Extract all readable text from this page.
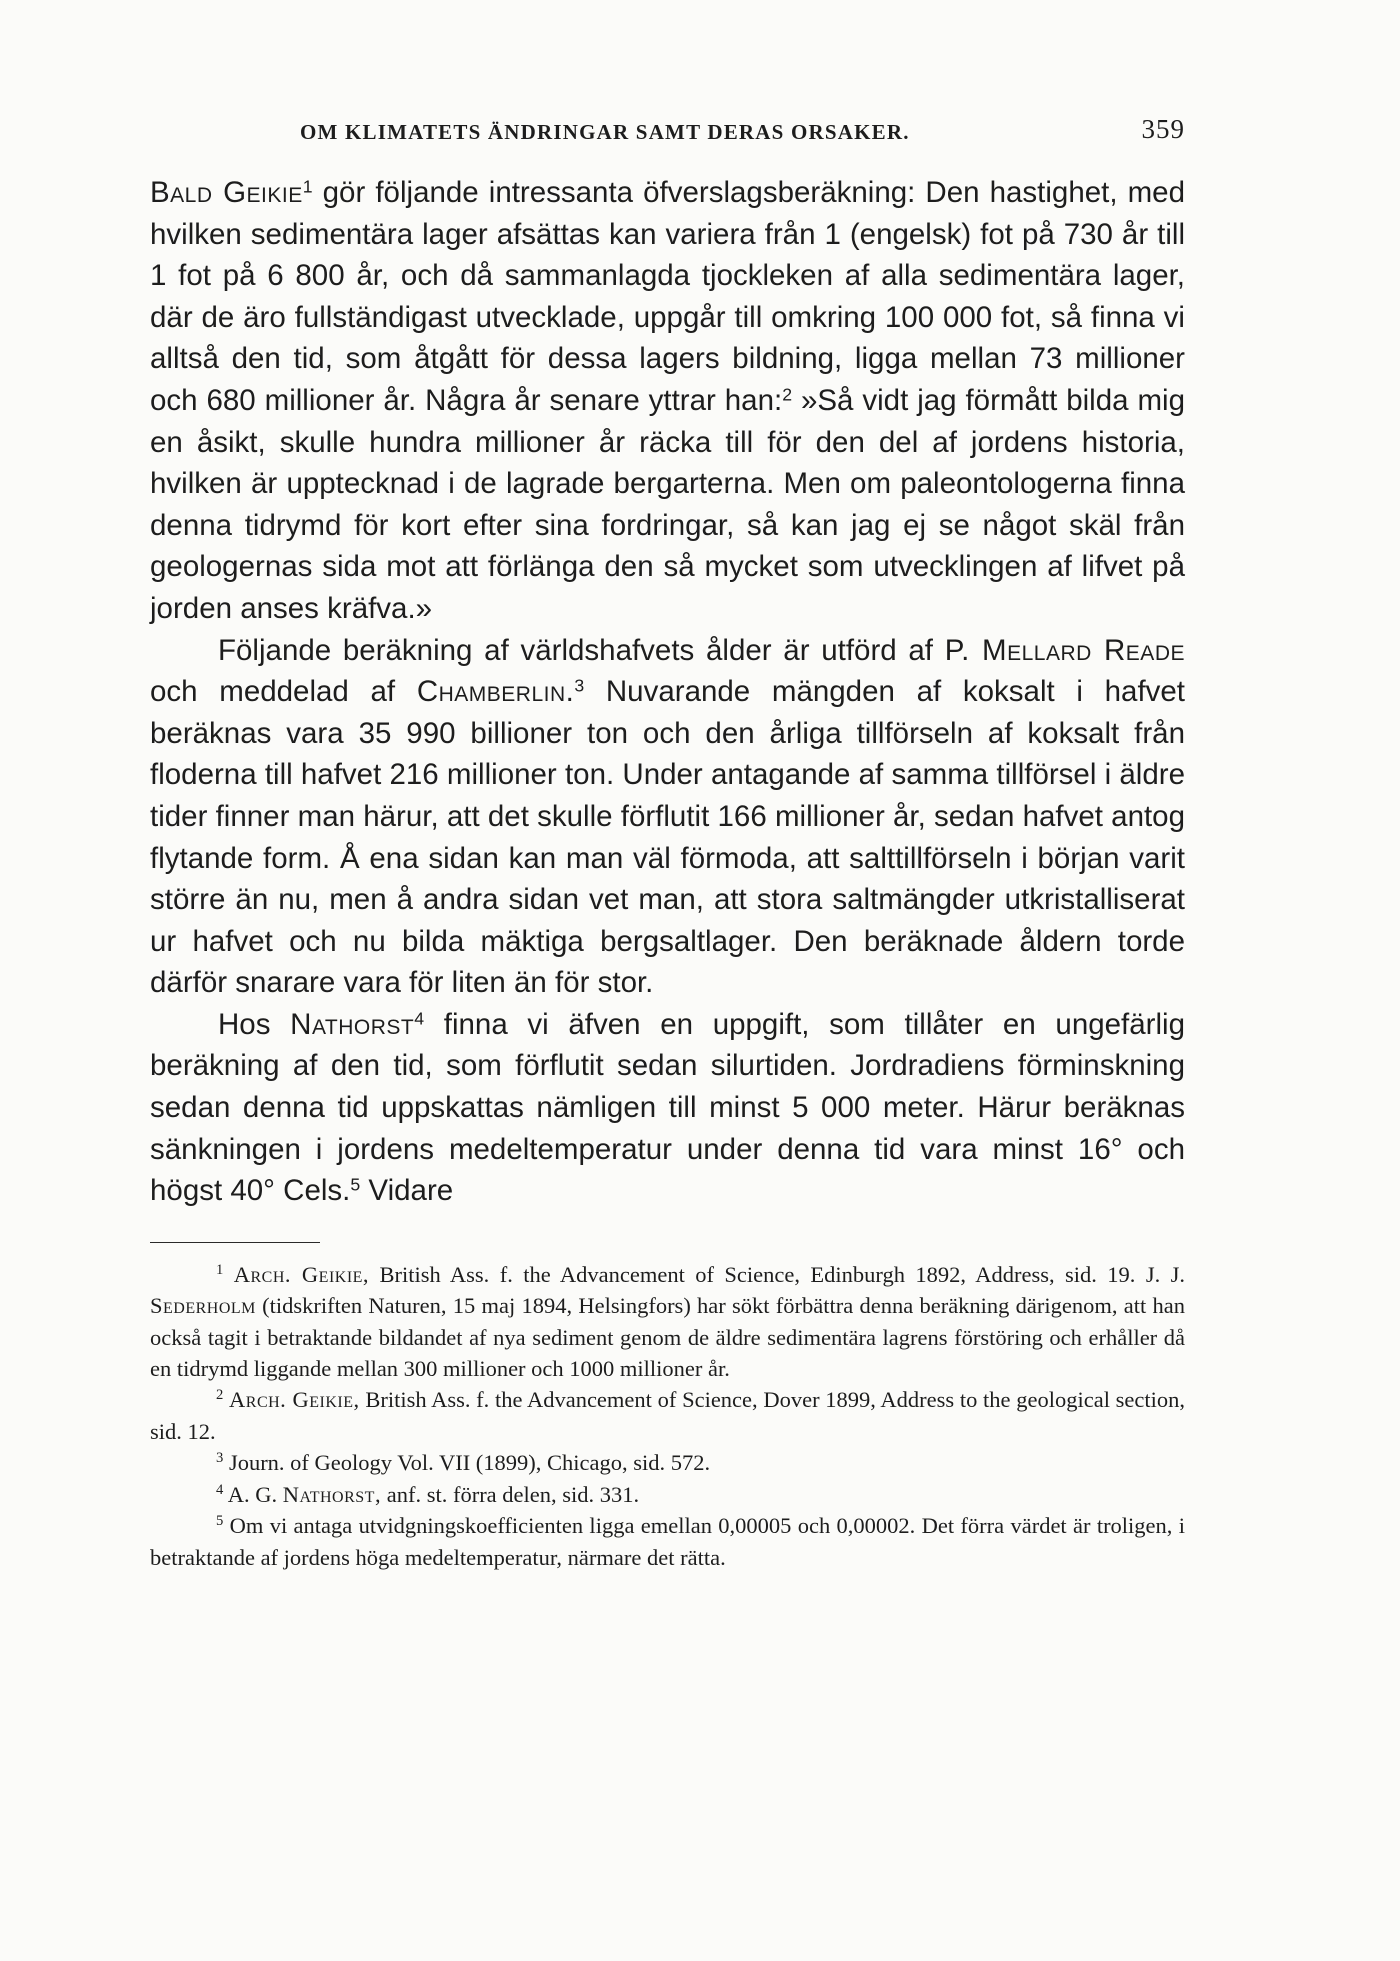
OM KLIMATETS ÄNDRINGAR SAMT DERAS ORSAKER.	359

Bald Geikie$^1$ gör följande intressanta öfverslagsberäkning: Den hastighet, med hvilken sedimentära lager afsättas kan variera från 1 (engelsk) fot på 730 år till 1 fot på 6 800 år, och då sammanlagda tjockleken af alla sedimentära lager, där de äro fullständigast utvecklade, uppgår till omkring 100 000 fot, så finna vi alltså den tid, som åtgått för dessa lagers bildning, ligga mellan 73 millioner och 680 millioner år. Några år senare yttrar han:$^2$ »Så vidt jag förmått bilda mig en åsikt, skulle hundra millioner år räcka till för den del af jordens historia, hvilken är upptecknad i de lagrade bergarterna. Men om paleontologerna finna denna tidrymd för kort efter sina fordringar, så kan jag ej se något skäl från geologernas sida mot att förlänga den så mycket som utvecklingen af lifvet på jorden anses kräfva.»

Följande beräkning af världshafvets ålder är utförd af P. Mellard Reade och meddelad af Chamberlin.$^3$ Nuvarande mängden af koksalt i hafvet beräknas vara 35 990 billioner ton och den årliga tillförseln af koksalt från floderna till hafvet 216 millioner ton. Under antagande af samma tillförsel i äldre tider finner man härur, att det skulle förflutit 166 millioner år, sedan hafvet antog flytande form. Å ena sidan kan man väl förmoda, att salttillförseln i början varit större än nu, men å andra sidan vet man, att stora saltmängder utkristalliserat ur hafvet och nu bilda mäktiga bergsaltlager. Den beräknade åldern torde därför snarare vara för liten än för stor.

Hos Nathorst$^4$ finna vi äfven en uppgift, som tillåter en ungefärlig beräkning af den tid, som förflutit sedan silurtiden. Jordradiens förminskning sedan denna tid uppskattas nämligen till minst 5 000 meter. Härur beräknas sänkningen i jordens medeltemperatur under denna tid vara minst 16° och högst 40° Cels.$^5$ Vidare

$^1$ Arch. Geikie, British Ass. f. the Advancement of Science, Edinburgh 1892, Address, sid. 19. J. J. Sederholm (tidskriften Naturen, 15 maj 1894, Helsingfors) har sökt förbättra denna beräkning därigenom, att han också tagit i betraktande bildandet af nya sediment genom de äldre sedimentära lagrens förstöring och erhåller då en tidrymd liggande mellan 300 millioner och 1000 millioner år.

$^2$ Arch. Geikie, British Ass. f. the Advancement of Science, Dover 1899, Address to the geological section, sid. 12.

$^3$ Journ. of Geology Vol. VII (1899), Chicago, sid. 572.

$^4$ A. G. Nathorst, anf. st. förra delen, sid. 331.

$^5$ Om vi antaga utvidgningskoefficienten ligga emellan 0,00005 och 0,00002. Det förra värdet är troligen, i betraktande af jordens höga medeltemperatur, närmare det rätta.
